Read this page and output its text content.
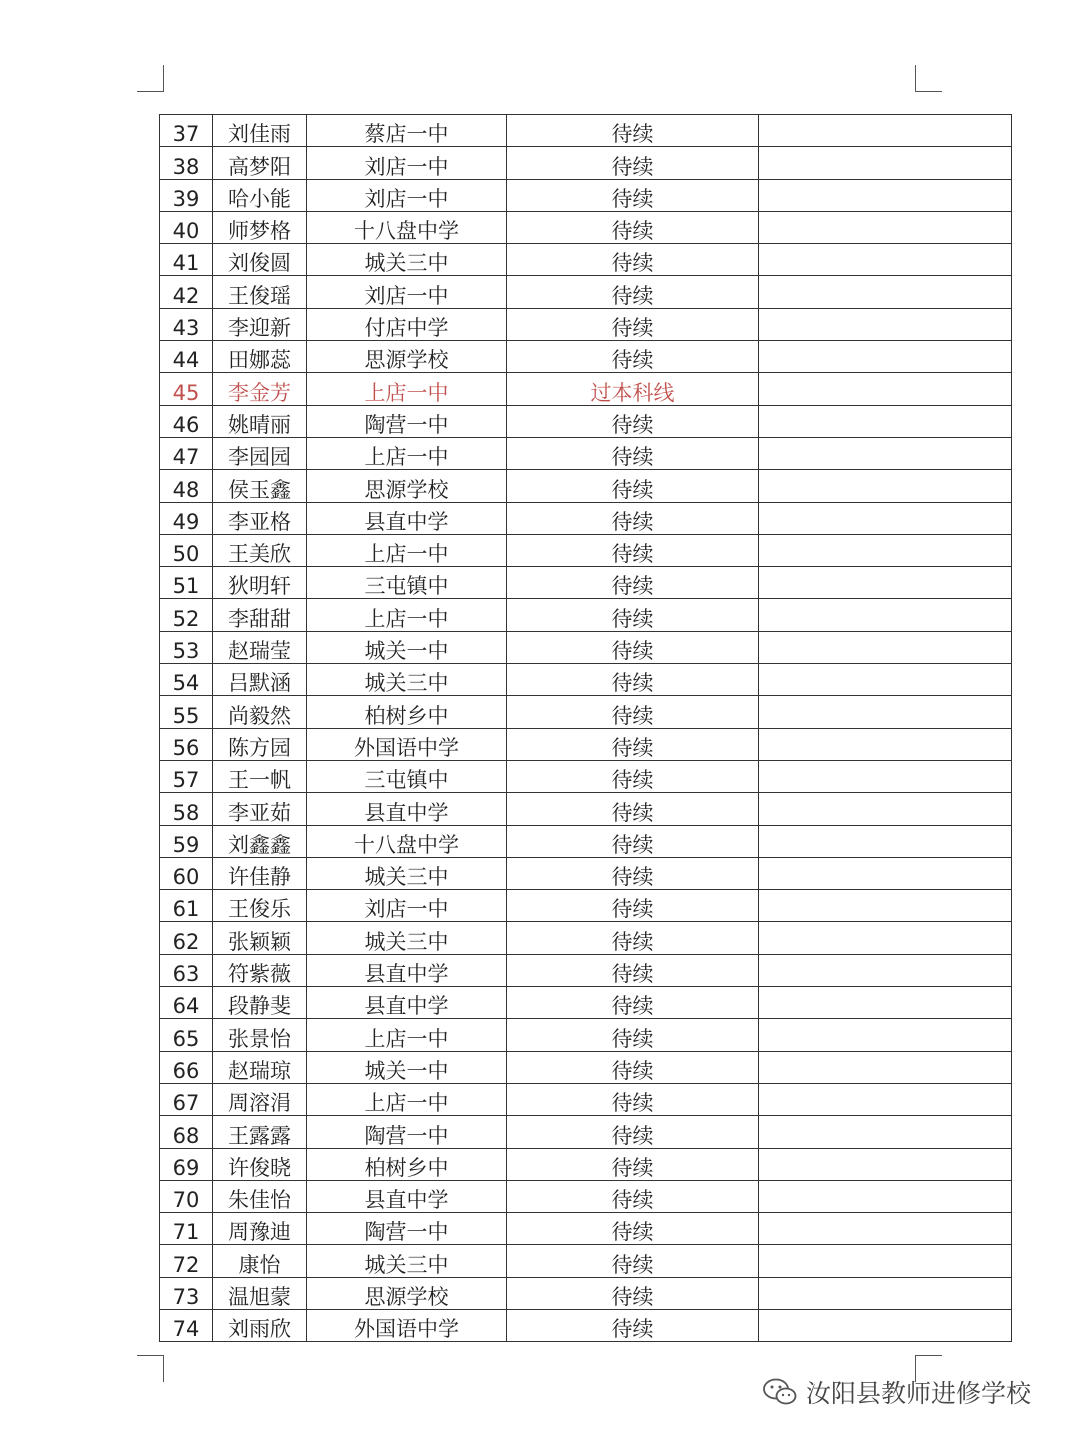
37	刘佳雨	蔡店一中	待续	
38	高梦阳	刘店一中	待续	
39	哈小能	刘店一中	待续	
40	师梦格	十八盘中学	待续	
41	刘俊圆	城关三中	待续	
42	王俊瑶	刘店一中	待续	
43	李迎新	付店中学	待续	
44	田娜蕊	思源学校	待续	
45	李金芳	上店一中	过本科线	
46	姚晴丽	陶营一中	待续	
47	李园园	上店一中	待续	
48	侯玉鑫	思源学校	待续	
49	李亚格	县直中学	待续	
50	王美欣	上店一中	待续	
51	狄明轩	三屯镇中	待续	
52	李甜甜	上店一中	待续	
53	赵瑞莹	城关一中	待续	
54	吕默涵	城关三中	待续	
55	尚毅然	柏树乡中	待续	
56	陈方园	外国语中学	待续	
57	王一帆	三屯镇中	待续	
58	李亚茹	县直中学	待续	
59	刘鑫鑫	十八盘中学	待续	
60	许佳静	城关三中	待续	
61	王俊乐	刘店一中	待续	
62	张颖颖	城关三中	待续	
63	符紫薇	县直中学	待续	
64	段静斐	县直中学	待续	
65	张景怡	上店一中	待续	
66	赵瑞琼	城关一中	待续	
67	周溶涓	上店一中	待续	
68	王露露	陶营一中	待续	
69	许俊晓	柏树乡中	待续	
70	朱佳怡	县直中学	待续	
71	周豫迪	陶营一中	待续	
72	康怡	城关三中	待续	
73	温旭蒙	思源学校	待续	
74	刘雨欣	外国语中学	待续	
汝阳县教师进修学校
